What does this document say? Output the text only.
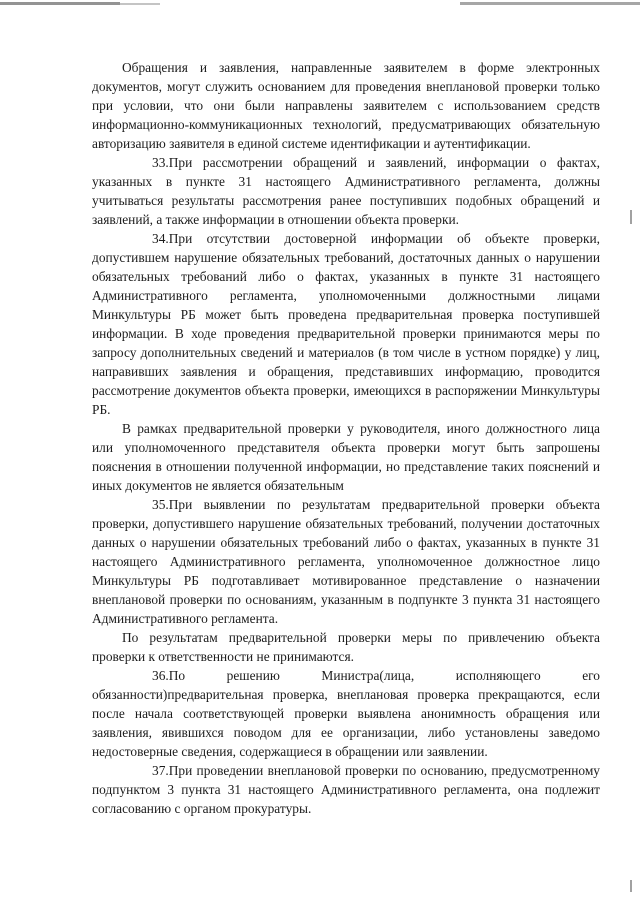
Обращения и заявления, направленные заявителем в форме электронных документов, могут служить основанием для проведения внеплановой проверки только при условии, что они были направлены заявителем с использованием средств информационно-коммуникационных технологий, предусматривающих обязательную авторизацию заявителя в единой системе идентификации и аутентификации.

33.При рассмотрении обращений и заявлений, информации о фактах, указанных в пункте 31 настоящего Административного регламента, должны учитываться результаты рассмотрения ранее поступивших подобных обращений и заявлений, а также информации в отношении объекта проверки.

34.При отсутствии достоверной информации об объекте проверки, допустившем нарушение обязательных требований, достаточных данных о нарушении обязательных требований либо о фактах, указанных в пункте 31 настоящего Административного регламента, уполномоченными должностными лицами Минкультуры РБ может быть проведена предварительная проверка поступившей информации. В ходе проведения предварительной проверки принимаются меры по запросу дополнительных сведений и материалов (в том числе в устном порядке) у лиц, направивших заявления и обращения, представивших информацию, проводится рассмотрение документов объекта проверки, имеющихся в распоряжении Минкультуры РБ.

В рамках предварительной проверки у руководителя, иного должностного лица или уполномоченного представителя объекта проверки могут быть запрошены пояснения в отношении полученной информации, но представление таких пояснений и иных документов не является обязательным

35.При выявлении по результатам предварительной проверки объекта проверки, допустившего нарушение обязательных требований, получении достаточных данных о нарушении обязательных требований либо о фактах, указанных в пункте 31 настоящего Административного регламента, уполномоченное должностное лицо Минкультуры РБ подготавливает мотивированное представление о назначении внеплановой проверки по основаниям, указанным в подпункте 3 пункта 31 настоящего Административного регламента.

По результатам предварительной проверки меры по привлечению объекта проверки к ответственности не принимаются.

36.По решению Министра(лица, исполняющего его обязанности)предварительная проверка, внеплановая проверка прекращаются, если после начала соответствующей проверки выявлена анонимность обращения или заявления, явившихся поводом для ее организации, либо установлены заведомо недостоверные сведения, содержащиеся в обращении или заявлении.

37.При проведении внеплановой проверки по основанию, предусмотренному подпунктом 3 пункта 31 настоящего Административного регламента, она подлежит согласованию с органом прокуратуры.
